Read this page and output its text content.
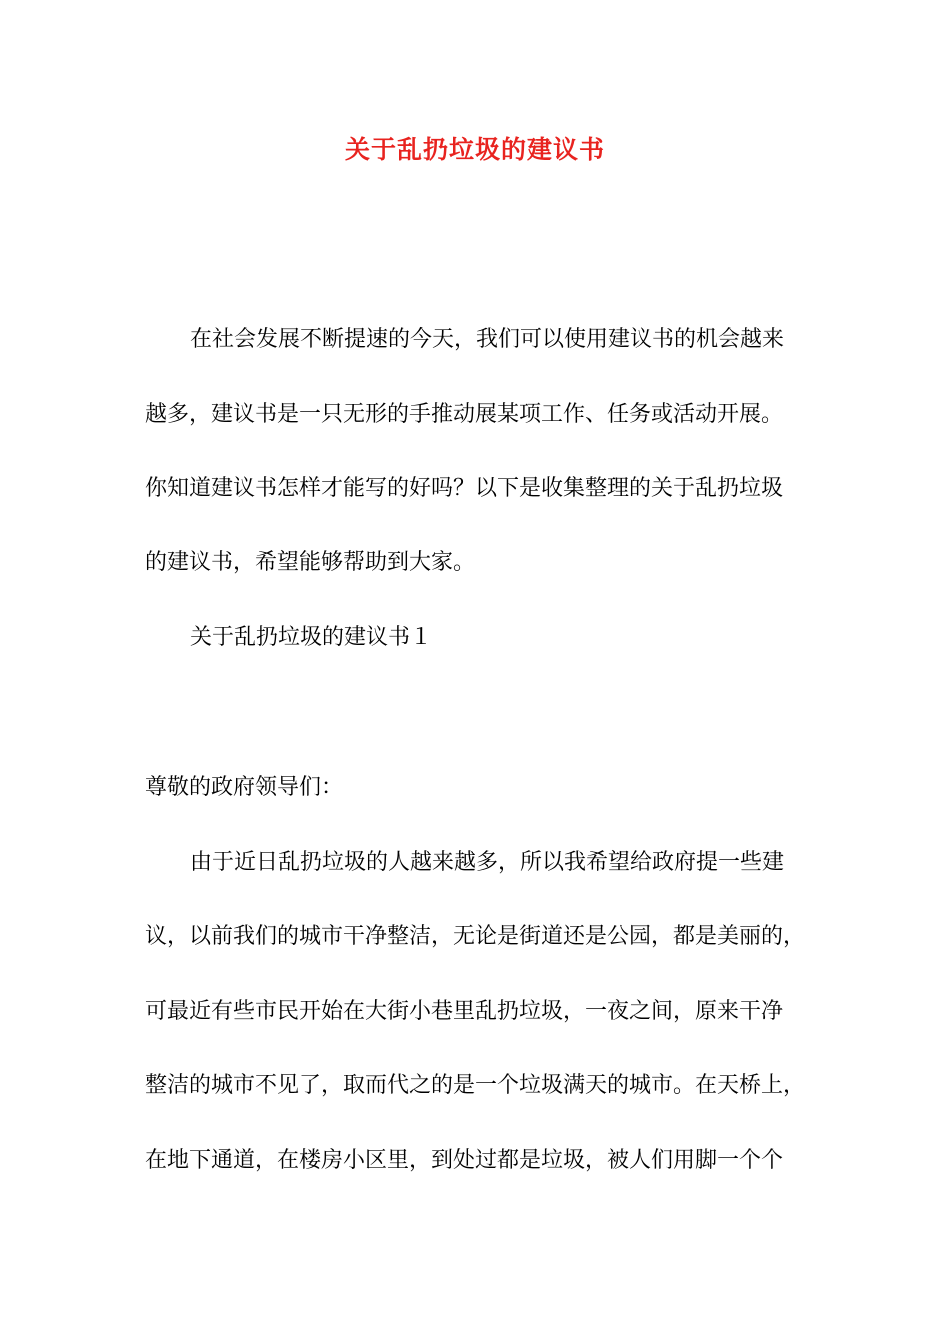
关于乱扔垃圾的建议书
在社会发展不断提速的今天，我们可以使用建议书的机会越来
越多，建议书是一只无形的手推动展某项工作、任务或活动开展。
你知道建议书怎样才能写的好吗？以下是收集整理的关于乱扔垃圾
的建议书，希望能够帮助到大家。
关于乱扔垃圾的建议书１
尊敬的政府领导们：
由于近日乱扔垃圾的人越来越多，所以我希望给政府提一些建
议，以前我们的城市干净整洁，无论是街道还是公园，都是美丽的，
可最近有些市民开始在大街小巷里乱扔垃圾，一夜之间，原来干净
整洁的城市不见了，取而代之的是一个垃圾满天的城市。在天桥上，
在地下通道，在楼房小区里，到处过都是垃圾，被人们用脚一个个
